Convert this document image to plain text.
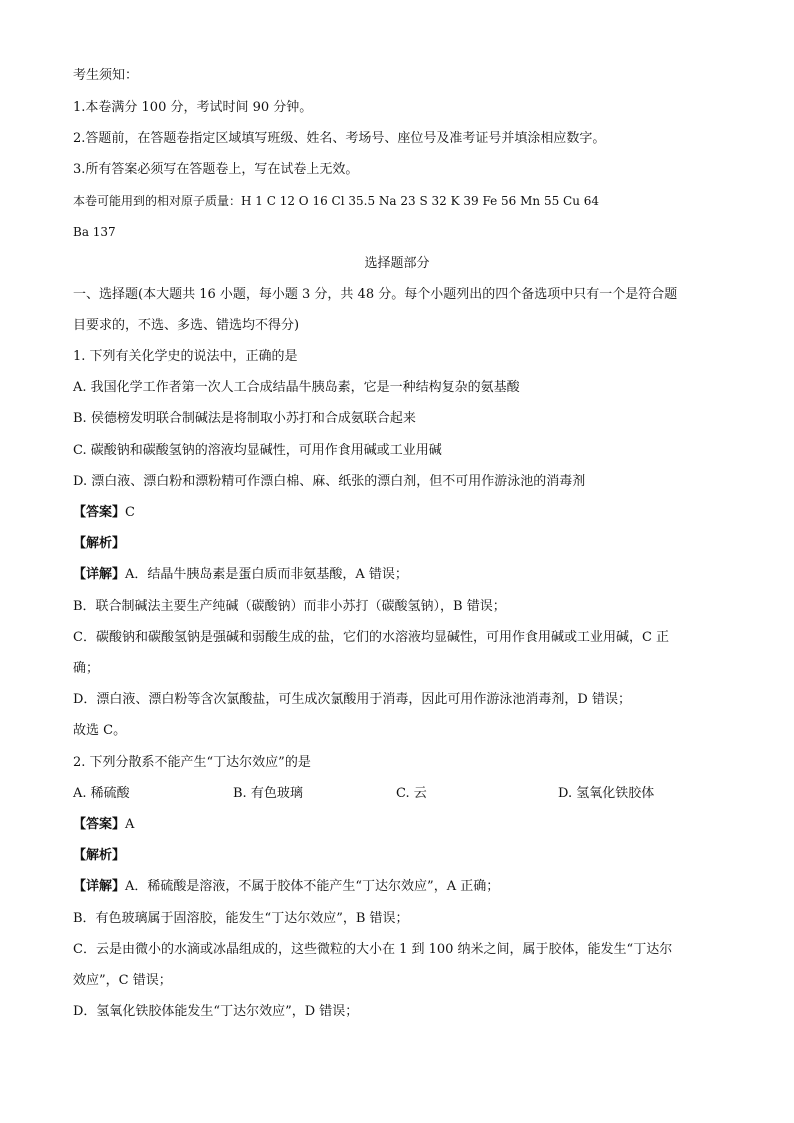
考生须知：
1.本卷满分 100 分，考试时间 90 分钟。
2.答题前，在答题卷指定区域填写班级、姓名、考场号、座位号及准考证号并填涂相应数字。
3.所有答案必须写在答题卷上，写在试卷上无效。
本卷可能用到的相对原子质量：H 1 C 12 O 16 Cl 35.5 Na 23 S 32 K 39 Fe 56 Mn 55 Cu 64
Ba 137
选择题部分
一、选择题(本大题共 16 小题，每小题 3 分，共 48 分。每个小题列出的四个备选项中只有一个是符合题
目要求的，不选、多选、错选均不得分)
1. 下列有关化学史的说法中，正确的是
A. 我国化学工作者第一次人工合成结晶牛胰岛素，它是一种结构复杂的氨基酸
B. 侯德榜发明联合制碱法是将制取小苏打和合成氨联合起来
C. 碳酸钠和碳酸氢钠的溶液均显碱性，可用作食用碱或工业用碱
D. 漂白液、漂白粉和漂粉精可作漂白棉、麻、纸张的漂白剂，但不可用作游泳池的消毒剂
【答案】C
【解析】
【详解】A．结晶牛胰岛素是蛋白质而非氨基酸，A 错误；
B．联合制碱法主要生产纯碱（碳酸钠）而非小苏打（碳酸氢钠），B 错误；
C．碳酸钠和碳酸氢钠是强碱和弱酸生成的盐，它们的水溶液均显碱性，可用作食用碱或工业用碱，C 正
确；
D．漂白液、漂白粉等含次氯酸盐，可生成次氯酸用于消毒，因此可用作游泳池消毒剂，D 错误；
故选 C。
2. 下列分散系不能产生“丁达尔效应”的是
A. 稀硫酸	B. 有色玻璃	C. 云	D. 氢氧化铁胶体
【答案】A
【解析】
【详解】A．稀硫酸是溶液，不属于胶体不能产生“丁达尔效应”，A 正确；
B．有色玻璃属于固溶胶，能发生“丁达尔效应”，B 错误；
C．云是由微小的水滴或冰晶组成的，这些微粒的大小在 1 到 100 纳米之间，属于胶体，能发生“丁达尔
效应”，C 错误；
D．氢氧化铁胶体能发生“丁达尔效应”，D 错误；
